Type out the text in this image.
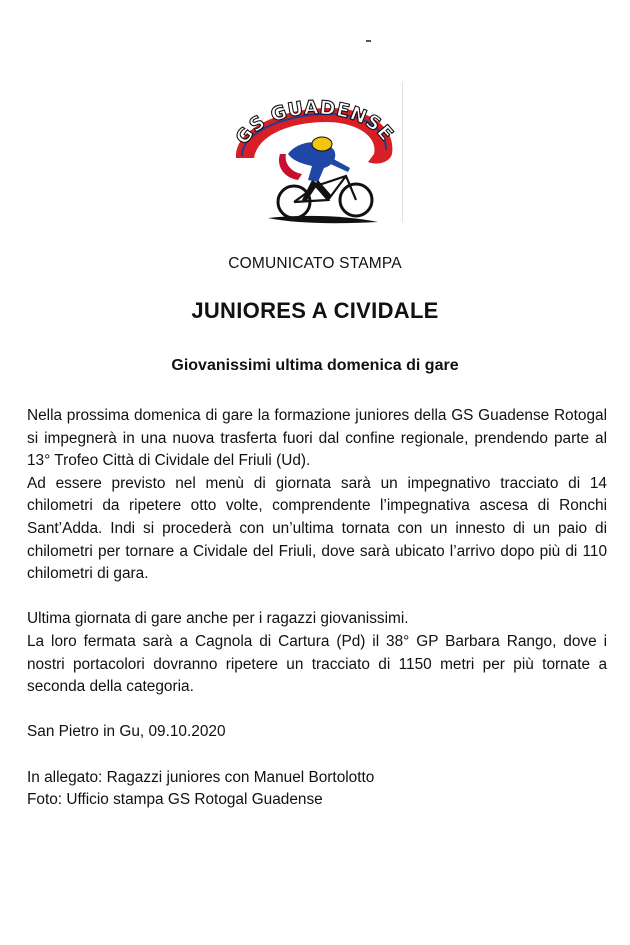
GS GUADENSE
COMUNICATO STAMPA
JUNIORES A CIVIDALE
Giovanissimi ultima domenica di gare

Nella prossima domenica di gare la formazione juniores della GS Guadense Rotogal si impegnerà in una nuova trasferta fuori dal confine regionale, prendendo parte al 13° Trofeo Città di Cividale del Friuli (Ud).

Ad essere previsto nel menù di giornata sarà un impegnativo tracciato di 14 chilometri da ripetere otto volte, comprendente l’impegnativa ascesa di Ronchi Sant’Adda. Indi si procederà con un’ultima tornata con un innesto di un paio di chilometri per tornare a Cividale del Friuli, dove sarà ubicato l’arrivo dopo più di 110 chilometri di gara.

Ultima giornata di gare anche per i ragazzi giovanissimi.

La loro fermata sarà a Cagnola di Cartura (Pd) il 38° GP Barbara Rango, dove i nostri portacolori dovranno ripetere un tracciato di 1150 metri per più tornate a seconda della categoria.

San Pietro in Gu, 09.10.2020

In allegato: Ragazzi juniores con Manuel Bortolotto

Foto: Ufficio stampa GS Rotogal Guadense
